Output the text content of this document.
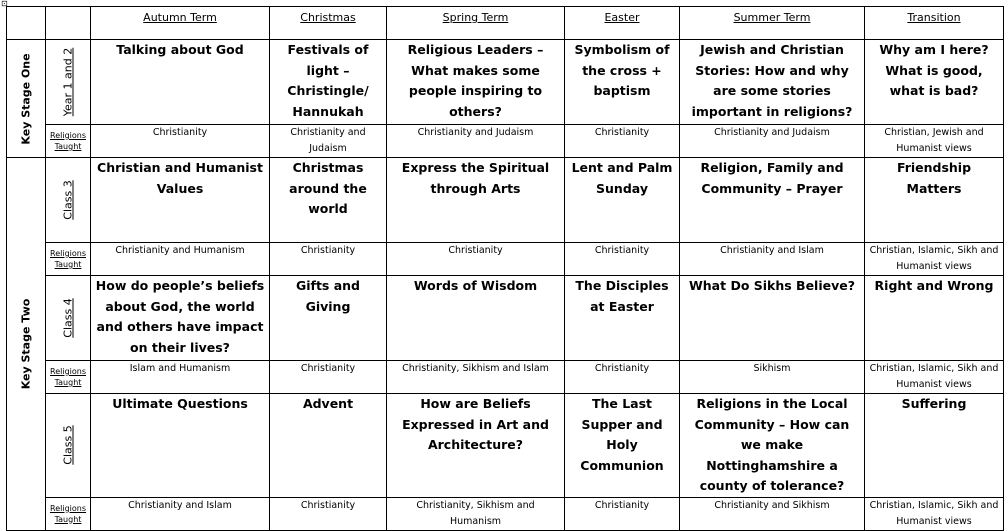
⊡
		Autumn Term	Christmas	Spring Term	Easter	Summer Term	Transition

Key Stage One	Year 1 and 2	Talking about God	Festivals of light – Christingle/ Hannukah	Religious Leaders – What makes some people inspiring to others?	Symbolism of the cross + baptism	Jewish and Christian Stories: How and why are some stories important in religions?	Why am I here? What is good, what is bad?
	Religions Taught	Christianity	Christianity and Judaism	Christianity and Judaism	Christianity	Christianity and Judaism	Christian, Jewish and Humanist views

Key Stage Two	Class 3	Christian and Humanist Values	Christmas around the world	Express the Spiritual through Arts	Lent and Palm Sunday	Religion, Family and Community – Prayer	Friendship Matters
	Religions Taught	Christianity and Humanism	Christianity	Christianity	Christianity	Christianity and Islam	Christian, Islamic, Sikh and Humanist views

	Class 4	How do people’s beliefs about God, the world and others have impact on their lives?	Gifts and Giving	Words of Wisdom	The Disciples at Easter	What Do Sikhs Believe?	Right and Wrong
	Religions Taught	Islam and Humanism	Christianity	Christianity, Sikhism and Islam	Christianity	Sikhism	Christian, Islamic, Sikh and Humanist views

	Class 5	Ultimate Questions	Advent	How are Beliefs Expressed in Art and Architecture?	The Last Supper and Holy Communion	Religions in the Local Community – How can we make Nottinghamshire a county of tolerance?	Suffering
	Religions Taught	Christianity and Islam	Christianity	Christianity, Sikhism and Humanism	Christianity	Christianity and Sikhism	Christian, Islamic, Sikh and Humanist views
